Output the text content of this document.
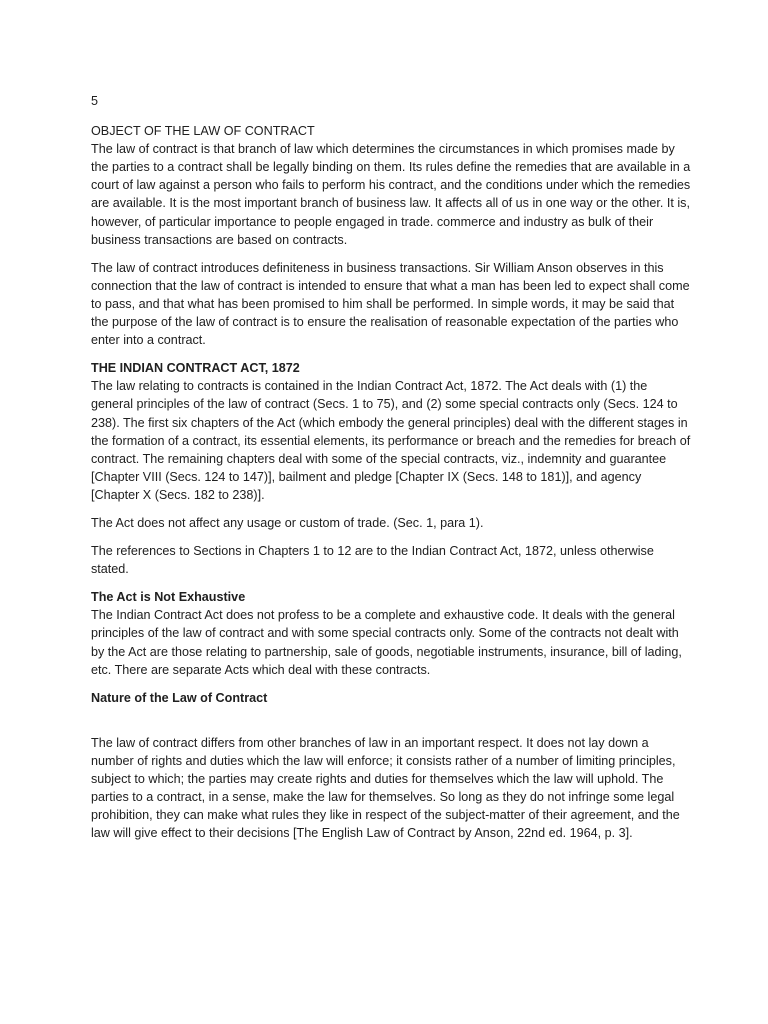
5
OBJECT OF THE LAW OF CONTRACT
The law of contract is that branch of law which determines the circumstances in which promises made by the parties to a contract shall be legally binding on them. Its rules define the remedies that are available in a court of law against a person who fails to perform his contract, and the conditions under which the remedies are available. It is the most important branch of business law. It affects all of us in one way or the other. It is, however, of particular importance to people engaged in trade. commerce and industry as bulk of their business transactions are based on contracts.

The law of contract introduces definiteness in business transactions. Sir William Anson observes in this connection that the law of contract is intended to ensure that what a man has been led to expect shall come to pass, and that what has been promised to him shall be performed. In simple words, it may be said that the purpose of the law of contract is to ensure the realisation of reasonable expectation of the parties who enter into a contract.

THE INDIAN CONTRACT ACT, 1872
The law relating to contracts is contained in the Indian Contract Act, 1872. The Act deals with (1) the general principles of the law of contract (Secs. 1 to 75), and (2) some special contracts only (Secs. 124 to 238). The first six chapters of the Act (which embody the general principles) deal with the different stages in the formation of a contract, its essential elements, its performance or breach and the remedies for breach of contract. The remaining chapters deal with some of the special contracts, viz., indemnity and guarantee [Chapter VIII (Secs. 124 to 147)], bailment and pledge [Chapter IX (Secs. 148 to 181)], and agency [Chapter X (Secs. 182 to 238)].

The Act does not affect any usage or custom of trade. (Sec. 1, para 1).

The references to Sections in Chapters 1 to 12 are to the Indian Contract Act, 1872, unless otherwise stated.

The Act is Not Exhaustive
The Indian Contract Act does not profess to be a complete and exhaustive code. It deals with the general principles of the law of contract and with some special contracts only. Some of the contracts not dealt with by the Act are those relating to partnership, sale of goods, negotiable instruments, insurance, bill of lading, etc. There are separate Acts which deal with these contracts.
Nature of the Law of Contract

The law of contract differs from other branches of law in an important respect. It does not lay down a number of rights and duties which the law will enforce; it consists rather of a number of limiting principles, subject to which; the parties may create rights and duties for themselves which the law will uphold. The parties to a contract, in a sense, make the law for themselves. So long as they do not infringe some legal prohibition, they can make what rules they like in respect of the subject-matter of their agreement, and the law will give effect to their decisions [The English Law of Contract by Anson, 22nd ed. 1964, p. 3].
